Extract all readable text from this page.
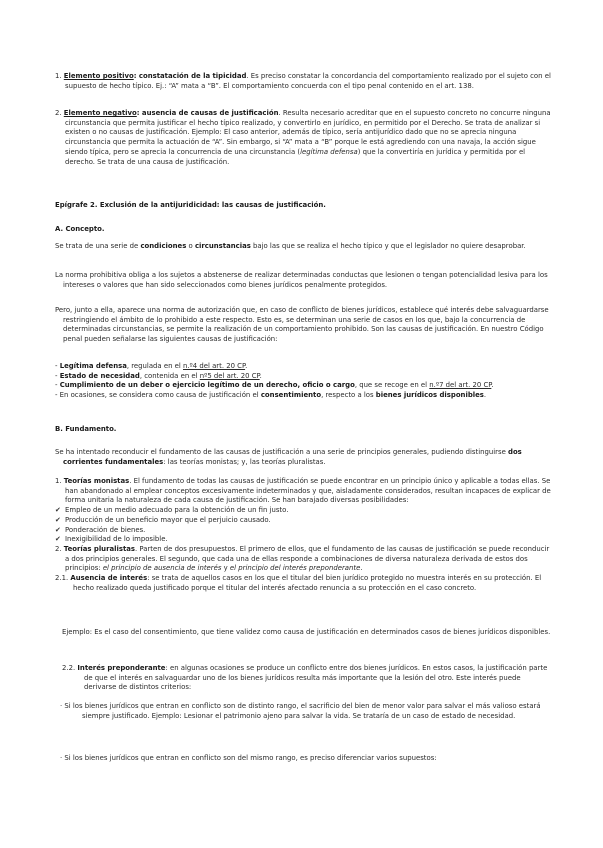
1. Elemento positivo: constatación de la tipicidad. Es preciso constatar la concordancia del comportamiento realizado por el sujeto con el supuesto de hecho típico. Ej.: “A” mata a “B”. El comportamiento concuerda con el tipo penal contenido en el art. 138.

2. Elemento negativo: ausencia de causas de justificación. Resulta necesario acreditar que en el supuesto concreto no concurre ninguna circunstancia que permita justificar el hecho típico realizado, y convertirlo en jurídico, en permitido por el Derecho. Se trata de analizar si existen o no causas de justificación. Ejemplo: El caso anterior, además de típico, sería antijurídico dado que no se aprecia ninguna circunstancia que permita la actuación de “A”. Sin embargo, si “A” mata a “B” porque le está agrediendo con una navaja, la acción sigue siendo típica, pero se aprecia la concurrencia de una circunstancia (legítima defensa) que la convertiría en jurídica y permitida por el derecho. Se trata de una causa de justificación.

Epígrafe 2. Exclusión de la antijuridicidad: las causas de justificación.

A. Concepto.

Se trata de una serie de condiciones o circunstancias bajo las que se realiza el hecho típico y que el legislador no quiere desaprobar.

La norma prohibitiva obliga a los sujetos a abstenerse de realizar determinadas conductas que lesionen o tengan potencialidad lesiva para los intereses o valores que han sido seleccionados como bienes jurídicos penalmente protegidos.

Pero, junto a ella, aparece una norma de autorización que, en caso de conflicto de bienes jurídicos, establece qué interés debe salvaguardarse restringiendo el ámbito de lo prohibido a este respecto. Esto es, se determinan una serie de casos en los que, bajo la concurrencia de determinadas circunstancias, se permite la realización de un comportamiento prohibido. Son las causas de justificación. En nuestro Código penal pueden señalarse las siguientes causas de justificación:

- Legítima defensa, regulada en el n.º4 del art. 20 CP.

- Estado de necesidad, contenida en el nº5 del art. 20 CP.

- Cumplimiento de un deber o ejercicio legítimo de un derecho, oficio o cargo, que se recoge en el n.º7 del art. 20 CP.

- En ocasiones, se considera como causa de justificación el consentimiento, respecto a los bienes jurídicos disponibles.

B. Fundamento.

Se ha intentado reconducir el fundamento de las causas de justificación a una serie de principios generales, pudiendo distinguirse dos corrientes fundamentales: las teorías monistas; y, las teorías pluralistas.

1. Teorías monistas. El fundamento de todas las causas de justificación se puede encontrar en un principio único y aplicable a todas ellas. Se han abandonado al emplear conceptos excesivamente indeterminados y que, aisladamente considerados, resultan incapaces de explicar de forma unitaria la naturaleza de cada causa de justificación. Se han barajado diversas posibilidades:

✔ Empleo de un medio adecuado para la obtención de un fin justo.
✔ Producción de un beneficio mayor que el perjuicio causado.
✔ Ponderación de bienes.
✔ Inexigibilidad de lo imposible.

2. Teorías pluralistas. Parten de dos presupuestos. El primero de ellos, que el fundamento de las causas de justificación se puede reconducir a dos principios generales. El segundo, que cada una de ellas responde a combinaciones de diversa naturaleza derivada de estos dos principios: el principio de ausencia de interés y el principio del interés preponderante.

2.1. Ausencia de interés: se trata de aquellos casos en los que el titular del bien jurídico protegido no muestra interés en su protección. El hecho realizado queda justificado porque el titular del interés afectado renuncia a su protección en el caso concreto.

Ejemplo: Es el caso del consentimiento, que tiene validez como causa de justificación en determinados casos de bienes jurídicos disponibles.

2.2. Interés preponderante: en algunas ocasiones se produce un conflicto entre dos bienes jurídicos. En estos casos, la justificación parte de que el interés en salvaguardar uno de los bienes jurídicos resulta más importante que la lesión del otro. Este interés puede derivarse de distintos criterios:

· Si los bienes jurídicos que entran en conflicto son de distinto rango, el sacrificio del bien de menor valor para salvar el más valioso estará siempre justificado. Ejemplo: Lesionar el patrimonio ajeno para salvar la vida. Se trataría de un caso de estado de necesidad.

· Si los bienes jurídicos que entran en conflicto son del mismo rango, es preciso diferenciar varios supuestos:
